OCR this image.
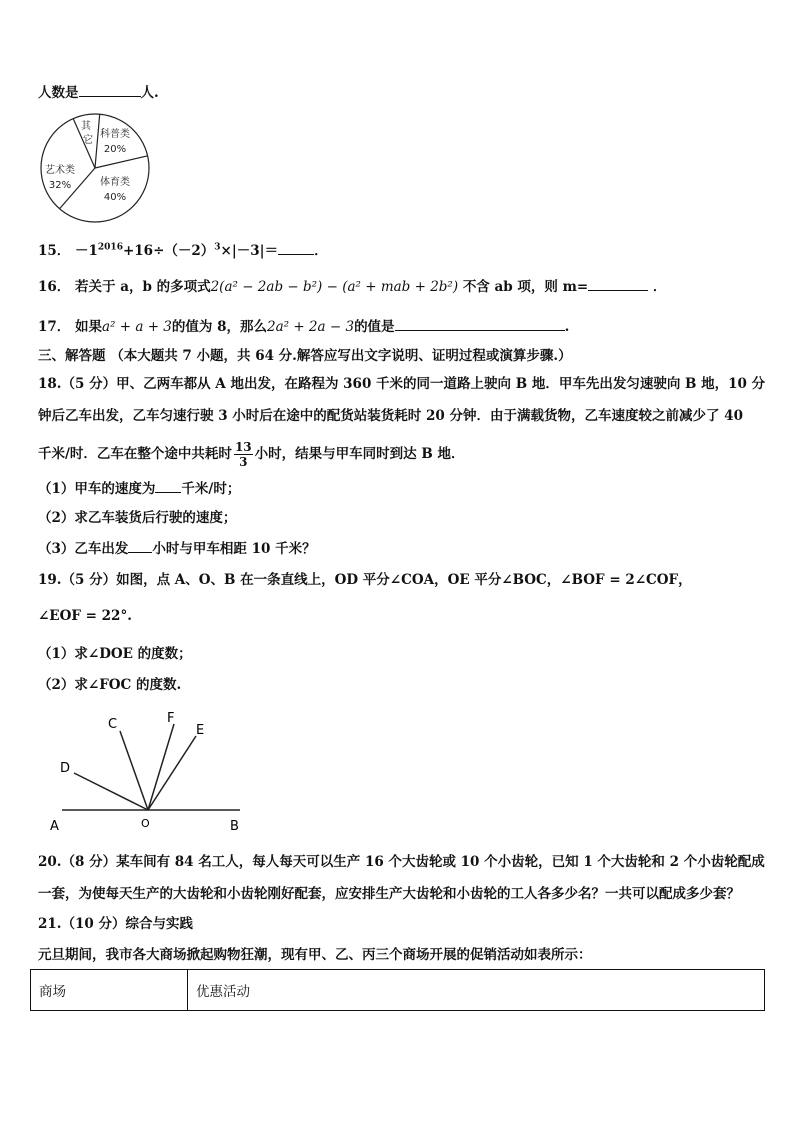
人数是	人.
科普类
20%
体育类
40%
艺术类
32%
其
它
15． $-1^{2016}+16\div(-2)^3\times|-3|=$	．
16． 若关于 a，b 的多项式2(a² − 2ab − b²) − (a² + mab + 2b²) 不含 ab 项，则 m=	．
17． 如果a² + a + 3的值为 8，那么2a² + 2a − 3的值是	.
三、解答题 （本大题共 7 小题，共 64 分.解答应写出文字说明、证明过程或演算步骤.）
18.（5 分）甲、乙两车都从 A 地出发，在路程为 360 千米的同一道路上驶向 B 地．甲车先出发匀速驶向 B 地，10 分
钟后乙车出发，乙车匀速行驶 3 小时后在途中的配货站装货耗时 20 分钟．由于满载货物，乙车速度较之前减少了 40
千米/时．乙车在整个途中共耗时 $\frac{13}{3}$ 小时，结果与甲车同时到达 B 地．
（1）甲车的速度为 千米/时；
（2）求乙车装货后行驶的速度；
（3）乙车出发 小时与甲车相距 10 千米？
19.（5 分）如图，点 A、O、B 在一条直线上，OD 平分∠COA，OE 平分∠BOC，∠BOF = 2∠COF，
∠EOF = 22°.
（1）求∠DOE 的度数；
（2）求∠FOC 的度数.
A	O	B
C
D
E
F
20.（8 分）某车间有 84 名工人，每人每天可以生产 16 个大齿轮或 10 个小齿轮，已知 1 个大齿轮和 2 个小齿轮配成
一套，为使每天生产的大齿轮和小齿轮刚好配套，应安排生产大齿轮和小齿轮的工人各多少名？一共可以配成多少套？
21.（10 分）综合与实践
元旦期间，我市各大商场掀起购物狂潮，现有甲、乙、丙三个商场开展的促销活动如表所示：
商场	优惠活动
